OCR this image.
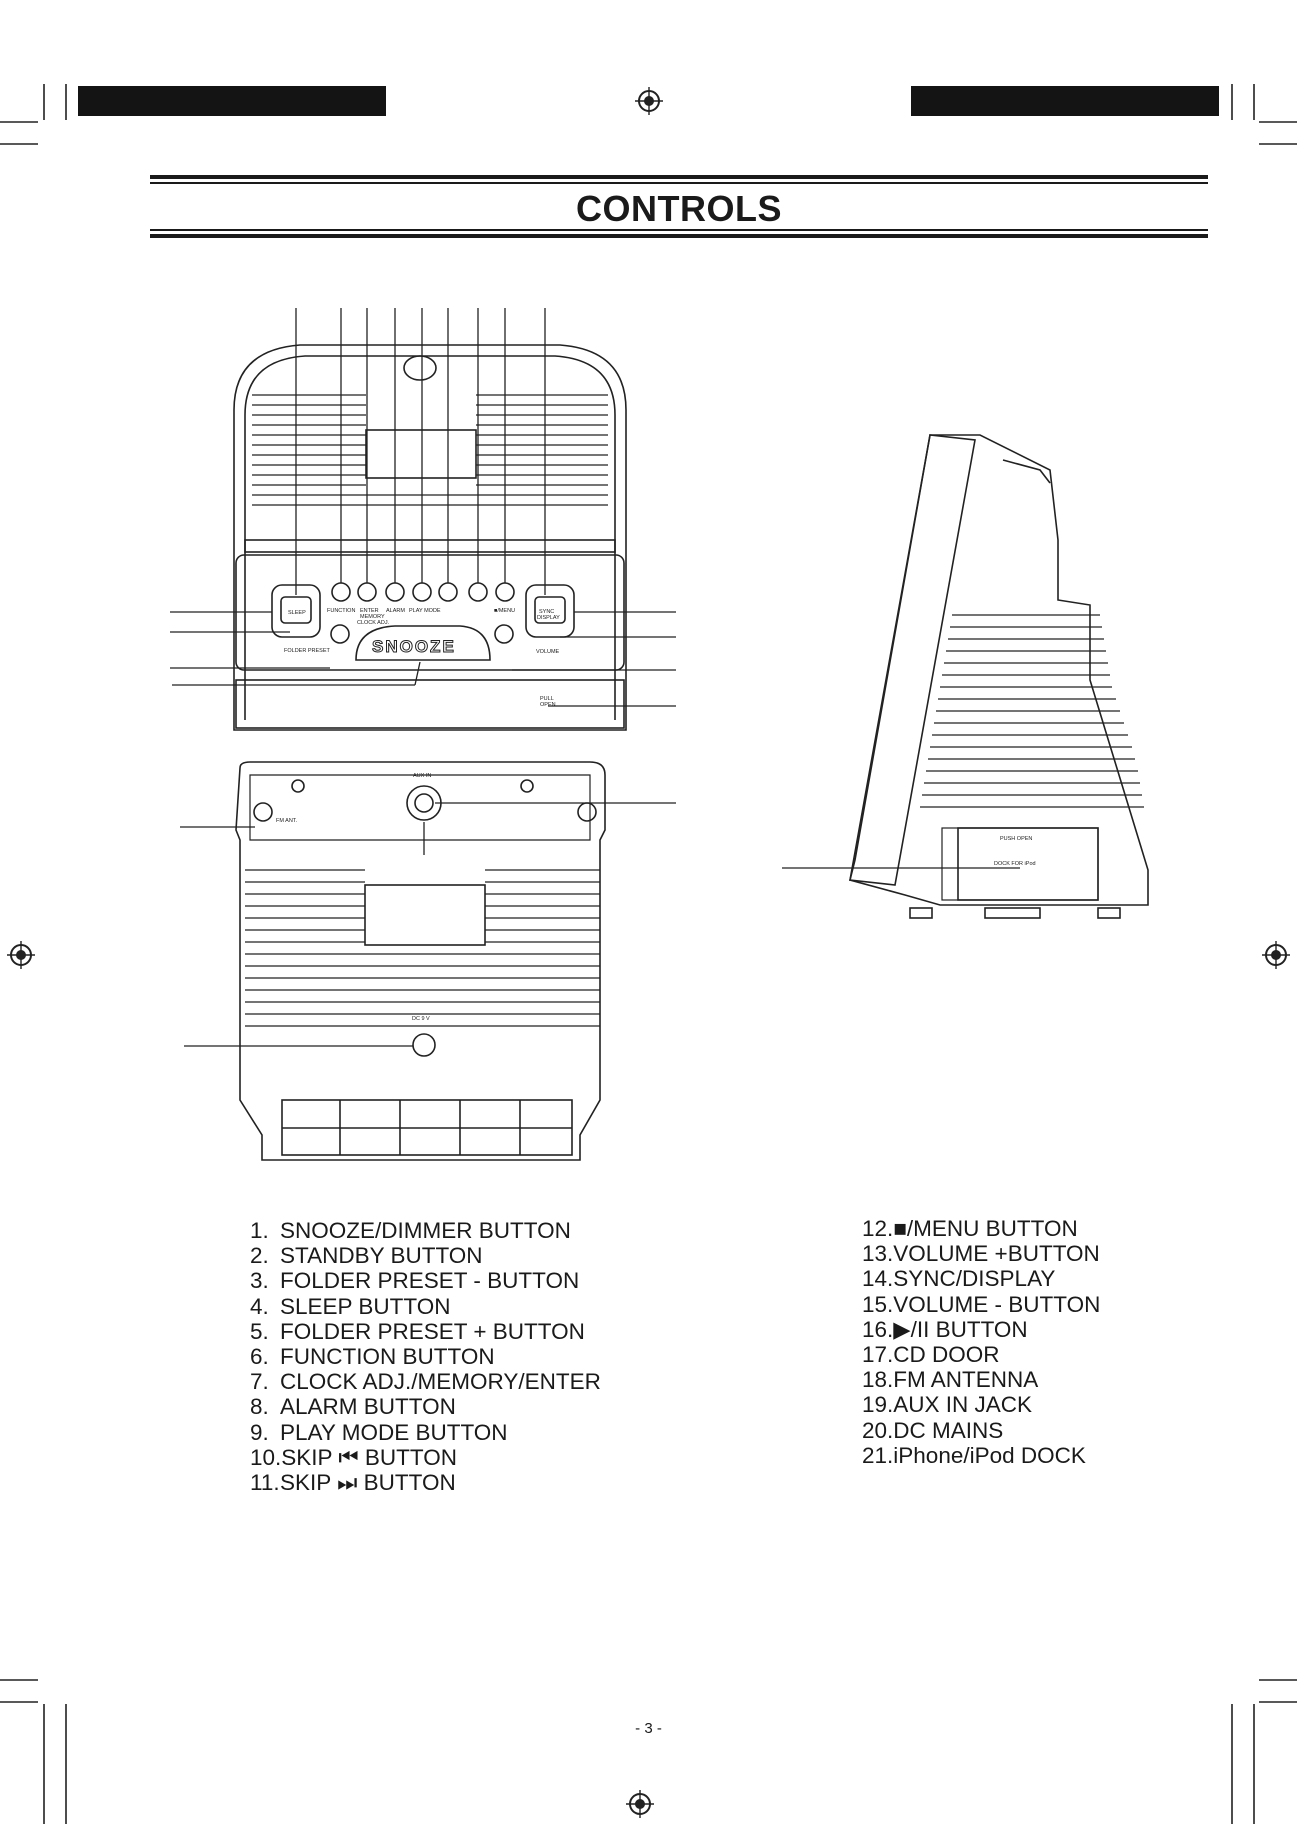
CONTROLS
SLEEP
FOLDER PRESET
FUNCTION ENTER
MEMORY
CLOCK ADJ.
ALARM PLAY MODE	■/MENU	SYNC
DISPLAY
VOLUME
PULL
OPEN
AUX IN
FM ANT.
DC 9 V
PUSH OPEN
DOCK FOR iPod
SNOOZE
1. SNOOZE/DIMMER BUTTON
2. STANDBY BUTTON
3. FOLDER PRESET - BUTTON
4. SLEEP BUTTON
5. FOLDER PRESET + BUTTON
6. FUNCTION BUTTON
7. CLOCK ADJ./MEMORY/ENTER
8. ALARM BUTTON
9. PLAY MODE BUTTON
10.SKIP ⏮ BUTTON
11.SKIP ⏭ BUTTON
12.■/MENU BUTTON
13.VOLUME +BUTTON
14.SYNC/DISPLAY
15.VOLUME - BUTTON
16.▶/II BUTTON
17.CD DOOR
18.FM ANTENNA
19.AUX IN JACK
20.DC MAINS
21.iPhone/iPod DOCK
- 3 -
